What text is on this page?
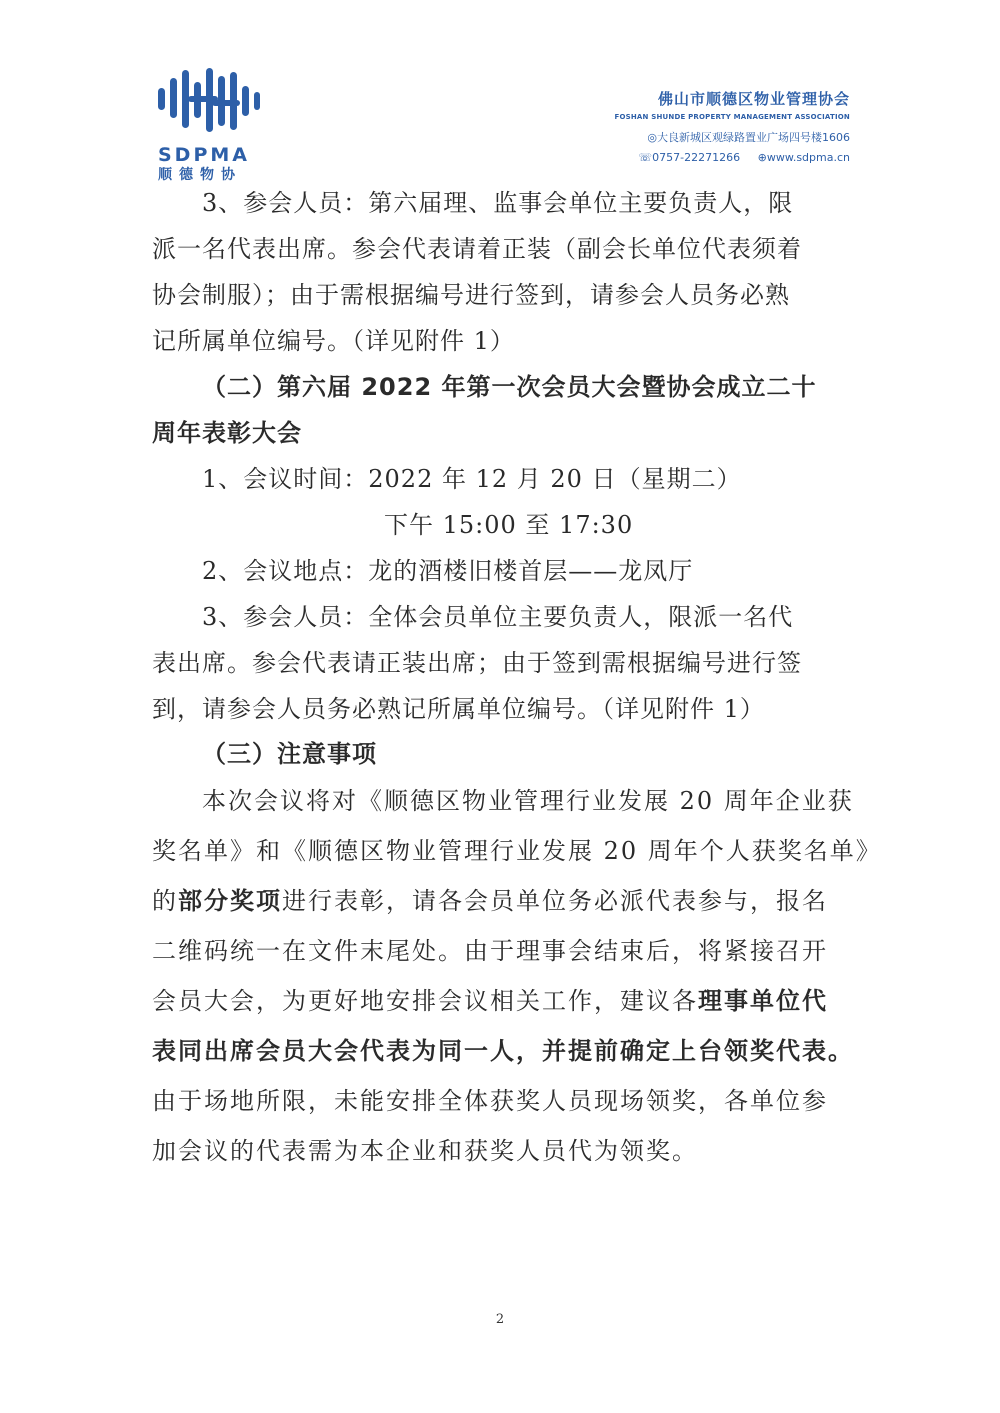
SDPMA
顺德物协
佛山市顺德区物业管理协会
FOSHAN SHUNDE PROPERTY MANAGEMENT ASSOCIATION
◎大良新城区观绿路置业广场四号楼1606
☏0757-22271266 ⊕www.sdpma.cn
3、参会人员：第六届理、监事会单位主要负责人，限
派一名代表出席。参会代表请着正装（副会长单位代表须着
协会制服）；由于需根据编号进行签到，请参会人员务必熟
记所属单位编号。（详见附件 1）
（二）第六届 2022 年第一次会员大会暨协会成立二十
周年表彰大会
1、会议时间：2022 年 12 月 20 日（星期二）
下午 15:00 至 17:30
2、会议地点：龙的酒楼旧楼首层——龙凤厅
3、参会人员：全体会员单位主要负责人，限派一名代
表出席。参会代表请正装出席；由于签到需根据编号进行签
到，请参会人员务必熟记所属单位编号。（详见附件 1）
（三）注意事项
本次会议将对《顺德区物业管理行业发展 20 周年企业获
奖名单》和《顺德区物业管理行业发展 20 周年个人获奖名单》
的部分奖项进行表彰，请各会员单位务必派代表参与，报名
二维码统一在文件末尾处。由于理事会结束后，将紧接召开
会员大会，为更好地安排会议相关工作，建议各理事单位代
表同出席会员大会代表为同一人，并提前确定上台领奖代表。
由于场地所限，未能安排全体获奖人员现场领奖，各单位参
加会议的代表需为本企业和获奖人员代为领奖。
2
